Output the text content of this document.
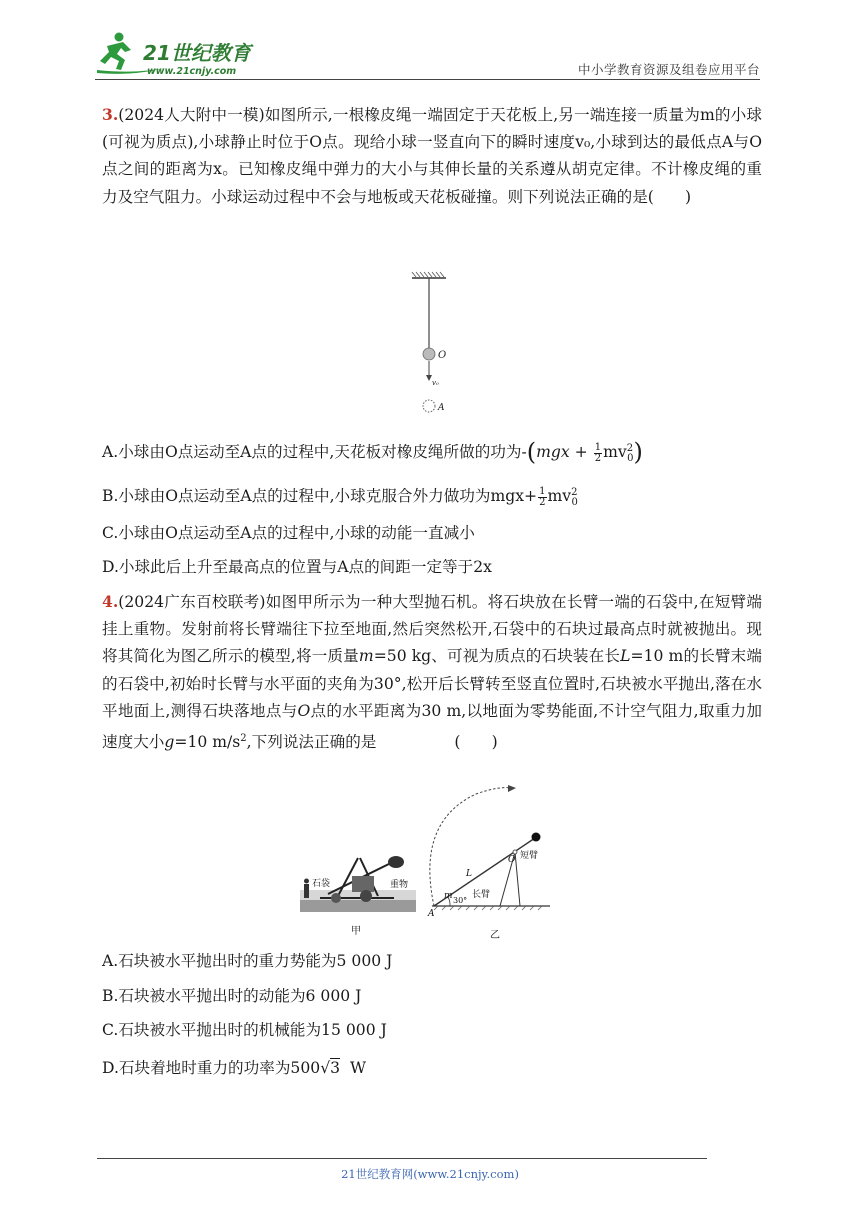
21世纪教育
www.21cnjy.com	中小学教育资源及组卷应用平台
3.(2024人大附中一模)如图所示,一根橡皮绳一端固定于天花板上,另一端连接一质量为m的小球(可视为质点),小球静止时位于O点。现给小球一竖直向下的瞬时速度v₀,小球到达的最低点A与O点之间的距离为x。已知橡皮绳中弹力的大小与其伸长量的关系遵从胡克定律。不计橡皮绳的重力及空气阻力。小球运动过程中不会与地板或天花板碰撞。则下列说法正确的是(　　)
O
v₀
A
A.小球由O点运动至A点的过程中,天花板对橡皮绳所做的功为$-(mgx + \frac{1}{2} mv^2_0)$
B.小球由O点运动至A点的过程中,小球克服合外力做功为$mgx+ \frac{1}{2} mv^2_0$
C.小球由O点运动至A点的过程中,小球的动能一直减小
D.小球此后上升至最高点的位置与A点的间距一定等于2x
4.(2024广东百校联考)如图甲所示为一种大型抛石机。将石块放在长臂一端的石袋中,在短臂端挂上重物。发射前将长臂端往下拉至地面,然后突然松开,石袋中的石块过最高点时就被抛出。现将其简化为图乙所示的模型,将一质量m=50 kg、可视为质点的石块装在长L=10 m的长臂末端的石袋中,初始时长臂与水平面的夹角为30°,松开后长臂转至竖直位置时,石块被水平抛出,落在水平地面上,测得石块落地点与O点的水平距离为30 m,以地面为零势能面,不计空气阻力,取重力加速度大小g=10 $m/s^2$,下列说法正确的是	(　　)
石袋	重物
甲
O 短臂
L
长臂
m 30°
A
乙
A.石块被水平抛出时的重力势能为5 000 J
B.石块被水平抛出时的动能为6 000 J
C.石块被水平抛出时的机械能为15 000 J
D.石块着地时重力的功率为500√3 W
21世纪教育网(www.21cnjy.com)
